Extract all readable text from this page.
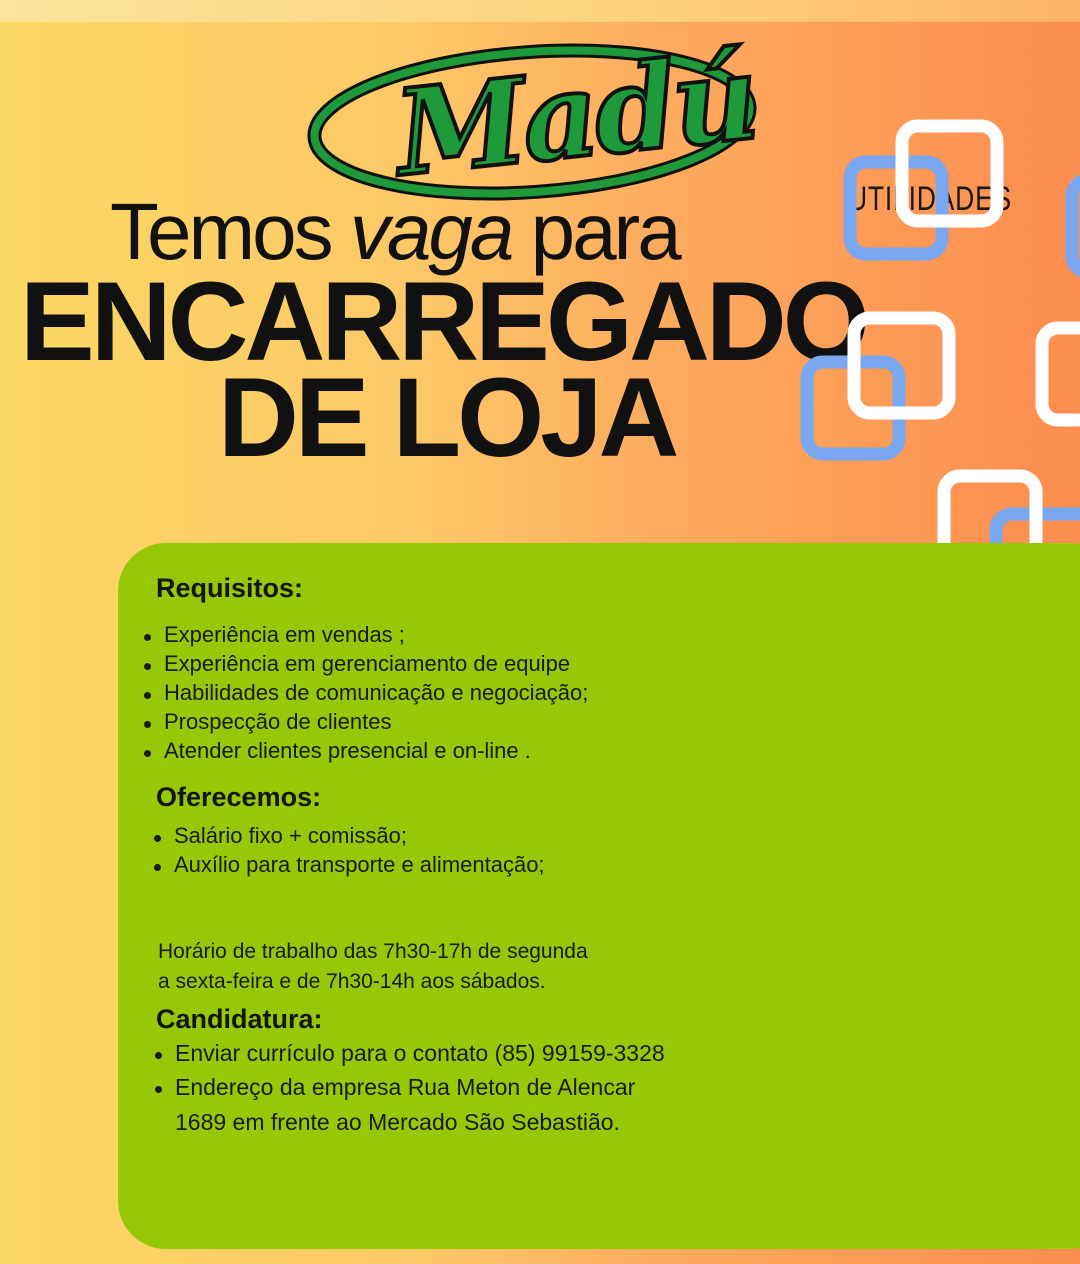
Madú	UTILIDADES
Temos vaga para
ENCARREGADO
DE LOJA
Requisitos:
Experiência em vendas ;
Experiência em gerenciamento de equipe
Habilidades de comunicação e negociação;
Prospecção de clientes
Atender clientes presencial e on-line .
Oferecemos:
Salário fixo + comissão;
Auxílio para transporte e alimentação;
Horário de trabalho das 7h30-17h de segunda
a sexta-feira e de 7h30-14h aos sábados.
Candidatura:
Enviar currículo para o contato (85) 99159-3328
Endereço da empresa Rua Meton de Alencar
1689 em frente ao Mercado São Sebastião.
